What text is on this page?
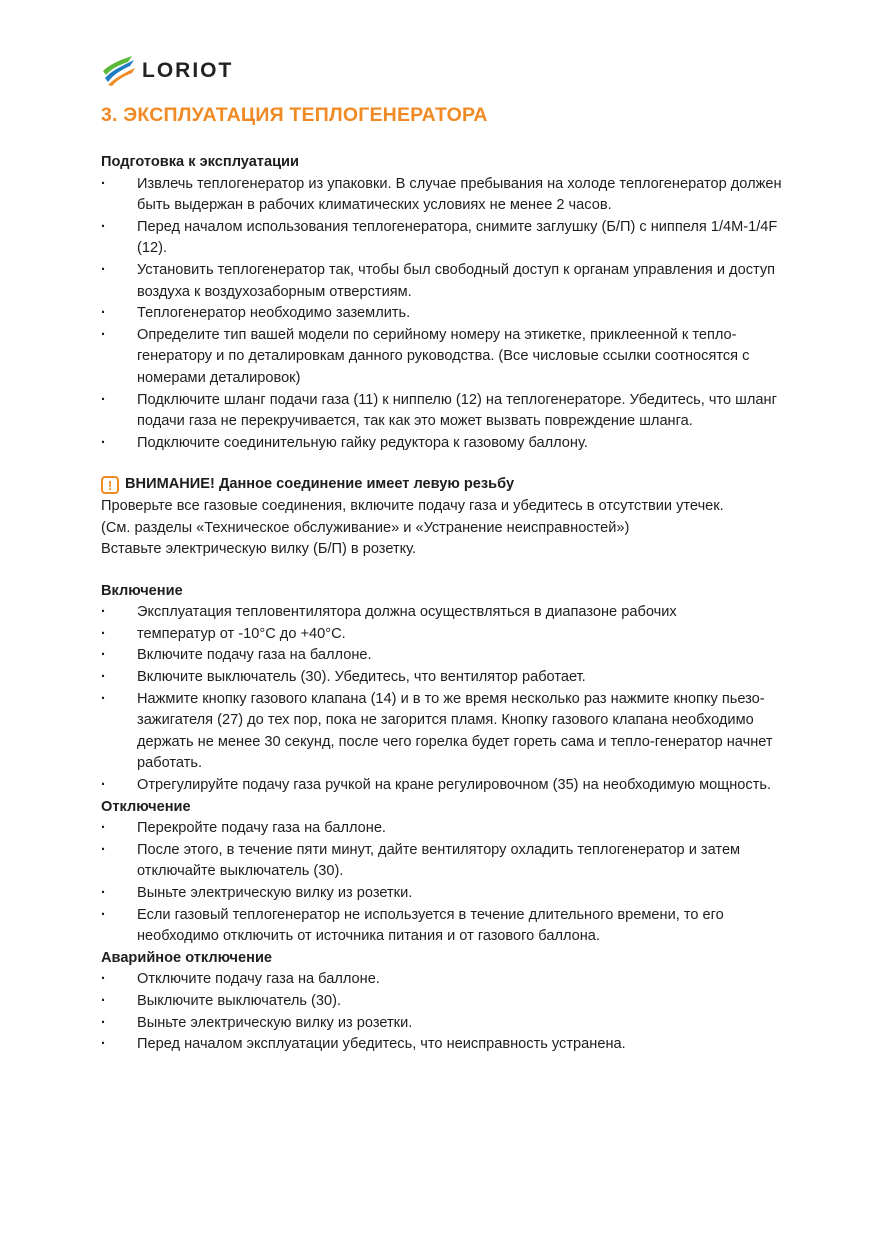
LORIOT
3. ЭКСПЛУАТАЦИЯ ТЕПЛОГЕНЕРАТОРА
Подготовка к эксплуатации
· Извлечь теплогенератор из упаковки. В случае пребывания на холоде теплогенератор должен быть выдержан в рабочих климатических условиях не менее 2 часов.
· Перед началом использования теплогенератора, снимите заглушку (Б/П) с ниппеля 1/4M-1/4F (12).
· Установить теплогенератор так, чтобы был свободный доступ к органам управления и доступ воздуха к воздухозаборным отверстиям.
· Теплогенератор необходимо заземлить.
· Определите тип вашей модели по серийному номеру на этикетке, приклеенной к тепло-генератору и по деталировкам данного руководства. (Все числовые ссылки соотносятся с номерами деталировок)
· Подключите шланг подачи газа (11) к ниппелю (12) на теплогенераторе. Убедитесь, что шланг подачи газа не перекручивается, так как это может вызвать повреждение шланга.
· Подключите соединительную гайку редуктора к газовому баллону.
! ВНИМАНИЕ! Данное соединение имеет левую резьбу
Проверьте все газовые соединения, включите подачу газа и убедитесь в отсутствии утечек.
(См. разделы «Техническое обслуживание» и «Устранение неисправностей»)
Вставьте электрическую вилку (Б/П) в розетку.
Включение
· Эксплуатация тепловентилятора должна осуществляться в диапазоне рабочих
· температур от -10°С до +40°С.
· Включите подачу газа на баллоне.
· Включите выключатель (30). Убедитесь, что вентилятор работает.
· Нажмите кнопку газового клапана (14) и в то же время несколько раз нажмите кнопку пьезо-зажигателя (27) до тех пор, пока не загорится пламя. Кнопку газового клапана необходимо держать не менее 30 секунд, после чего горелка будет гореть сама и тепло-генератор начнет работать.
· Отрегулируйте подачу газа ручкой на кране регулировочном (35) на необходимую мощность.
Отключение
· Перекройте подачу газа на баллоне.
· После этого, в течение пяти минут, дайте вентилятору охладить теплогенератор и затем отключайте выключатель (30).
· Выньте электрическую вилку из розетки.
· Если газовый теплогенератор не используется в течение длительного времени, то его необходимо отключить от источника питания и от газового баллона.
Аварийное отключение
· Отключите подачу газа на баллоне.
· Выключите выключатель (30).
· Выньте электрическую вилку из розетки.
· Перед началом эксплуатации убедитесь, что неисправность устранена.
